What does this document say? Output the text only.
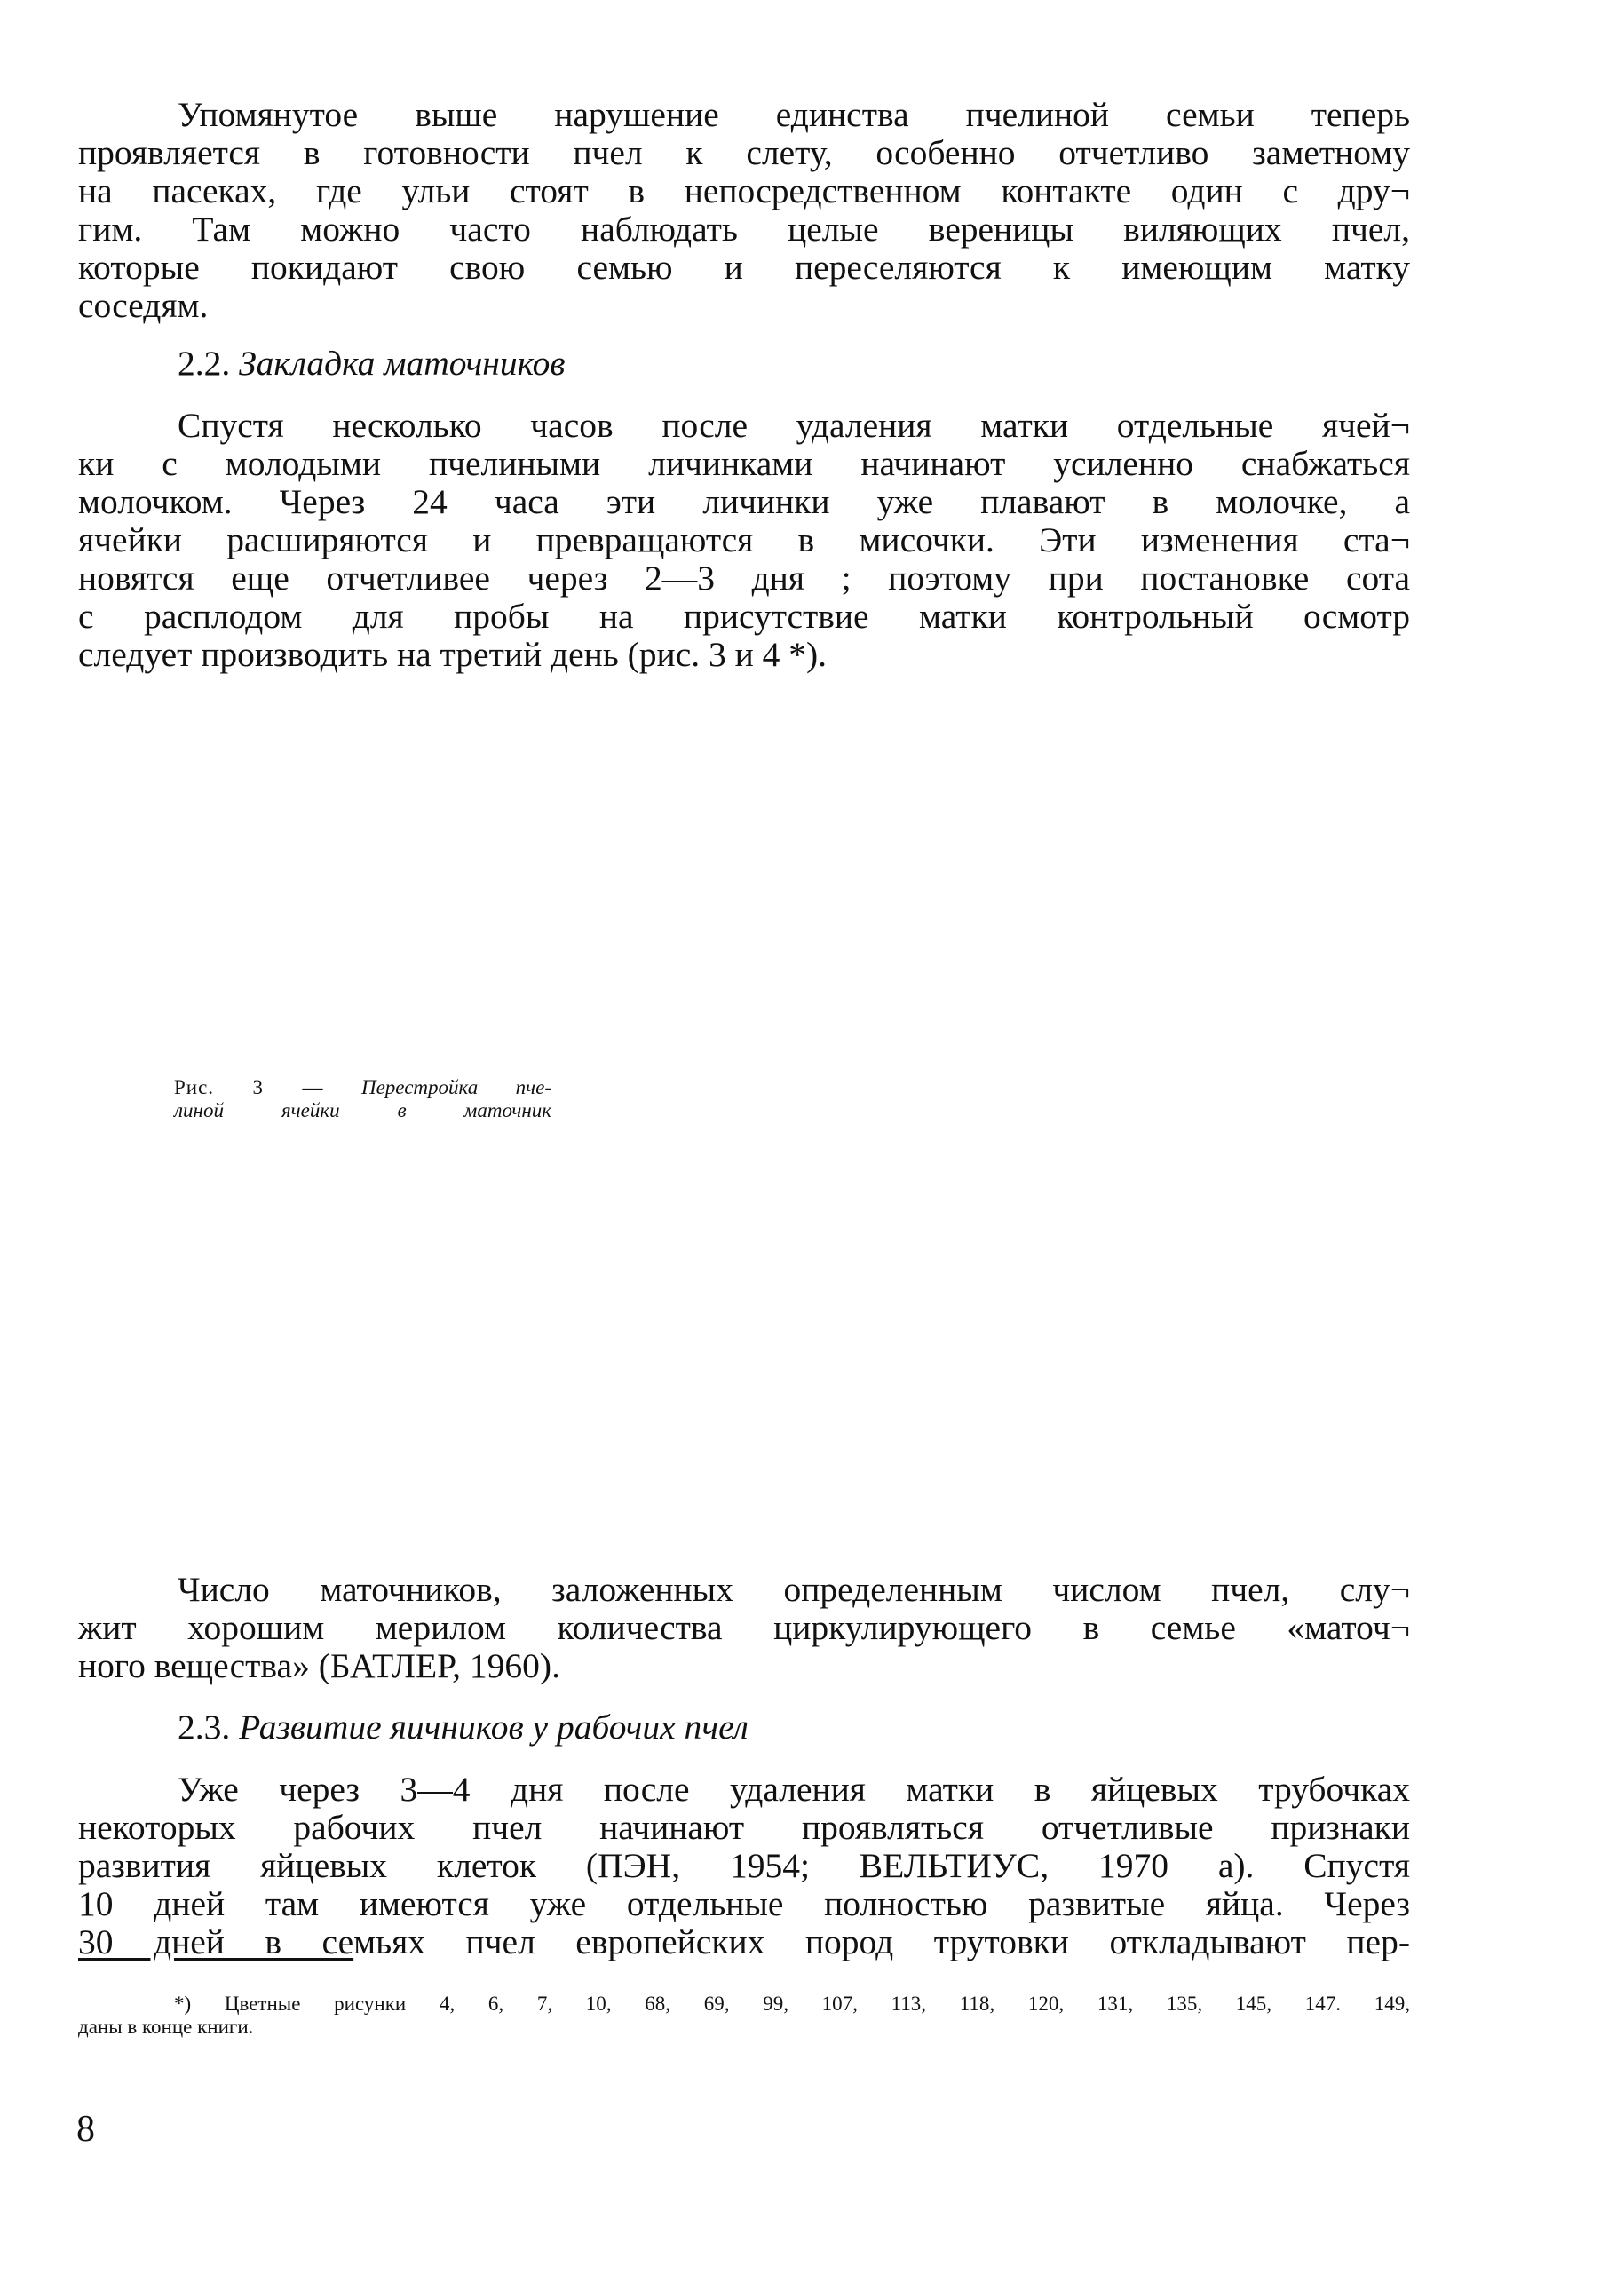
Упомянутое выше нарушение единства пчелиной семьи теперь
проявляется в готовности пчел к слету, особенно отчетливо заметному
на пасеках, где ульи стоят в непосредственном контакте один с дру¬
гим. Там можно часто наблюдать целые вереницы виляющих пчел,
которые покидают свою семью и переселяются к имеющим матку
соседям.
2.2. Закладка маточников
Спустя несколько часов после удаления матки отдельные ячей¬
ки с молодыми пчелиными личинками начинают усиленно снабжаться
молочком. Через 24 часа эти личинки уже плавают в молочке, а
ячейки расширяются и превращаются в мисочки. Эти изменения ста¬
новятся еще отчетливее через 2—3 дня ; поэтому при постановке сота
с расплодом для пробы на присутствие матки контрольный осмотр
следует производить на третий день (рис. 3 и 4 *).
Рис. 3 — Перестройка пче-
линой ячейки в маточник
Число маточников, заложенных определенным числом пчел, слу¬
жит хорошим мерилом количества циркулирующего в семье «маточ¬
ного вещества» (БАТЛЕР, 1960).
2.3. Развитие яичников у рабочих пчел
Уже через 3—4 дня после удаления матки в яйцевых трубочках
некоторых рабочих пчел начинают проявляться отчетливые признаки
развития яйцевых клеток (ПЭН, 1954; ВЕЛЬТИУС, 1970 а). Спустя
10 дней там имеются уже отдельные полностью развитые яйца. Через
30 дней в семьях пчел европейских пород трутовки откладывают пер-
*) Цветные рисунки 4, 6, 7, 10, 68, 69, 99, 107, 113, 118, 120, 131, 135, 145, 147. 149,
даны в конце книги.
8
